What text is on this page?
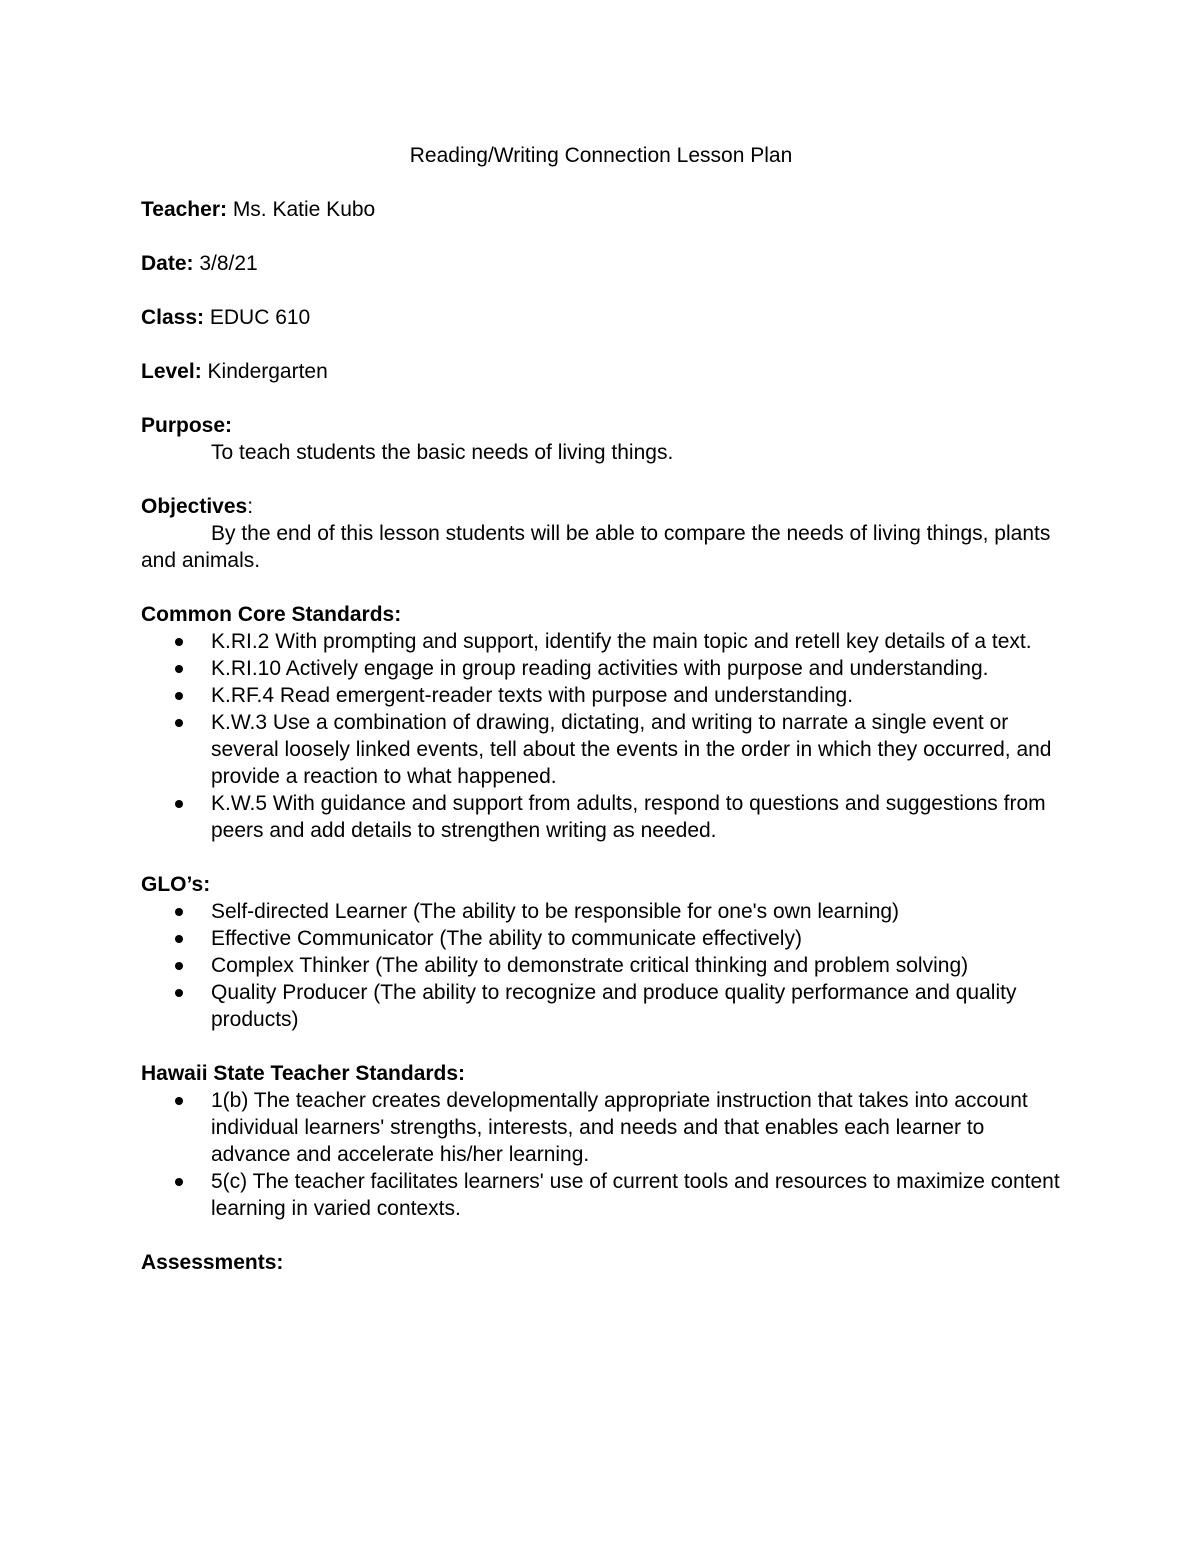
Reading/Writing Connection Lesson Plan
Teacher: Ms. Katie Kubo
Date: 3/8/21
Class: EDUC 610
Level: Kindergarten
Purpose:

To teach students the basic needs of living things.

Objectives:

By the end of this lesson students will be able to compare the needs of living things, plants and animals.

Common Core Standards:
K.RI.2 With prompting and support, identify the main topic and retell key details of a text.
K.RI.10 Actively engage in group reading activities with purpose and understanding.
K.RF.4 Read emergent-reader texts with purpose and understanding.
K.W.3 Use a combination of drawing, dictating, and writing to narrate a single event or several loosely linked events, tell about the events in the order in which they occurred, and provide a reaction to what happened.
K.W.5 With guidance and support from adults, respond to questions and suggestions from peers and add details to strengthen writing as needed.
GLO’s:
Self-directed Learner (The ability to be responsible for one's own learning)
Effective Communicator (The ability to communicate effectively)
Complex Thinker (The ability to demonstrate critical thinking and problem solving)
Quality Producer (The ability to recognize and produce quality performance and quality products)
Hawaii State Teacher Standards:
1(b) The teacher creates developmentally appropriate instruction that takes into account individual learners' strengths, interests, and needs and that enables each learner to advance and accelerate his/her learning.
5(c) The teacher facilitates learners' use of current tools and resources to maximize content learning in varied contexts.
Assessments:
